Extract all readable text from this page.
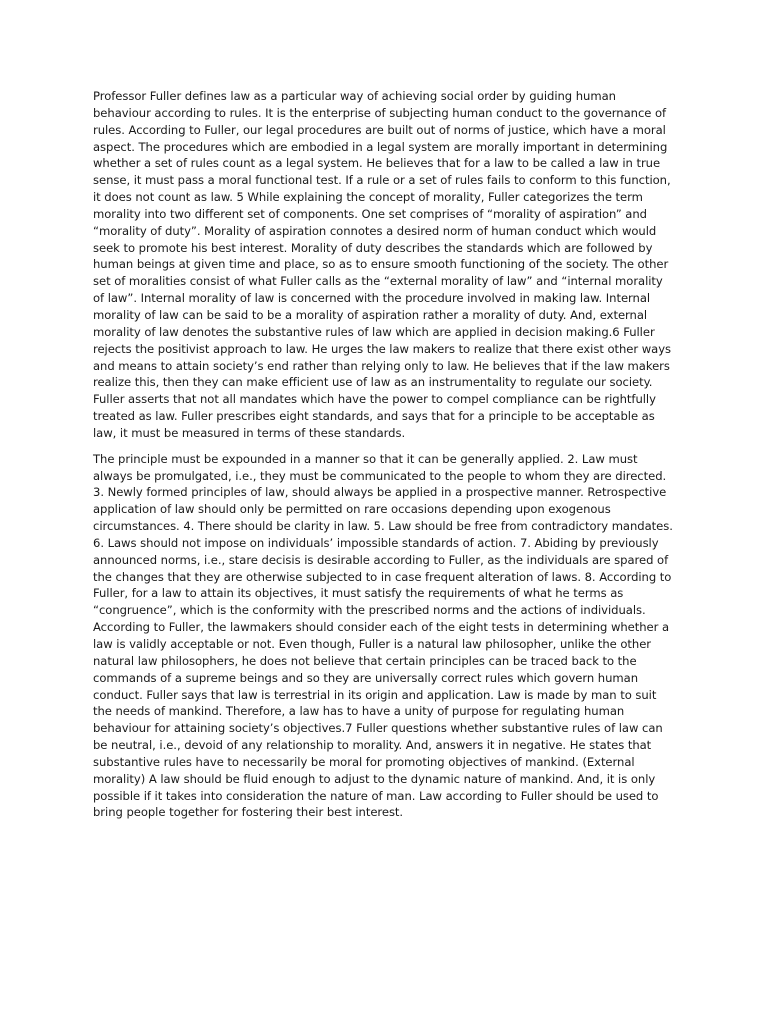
Professor Fuller defines law as a particular way of achieving social order by guiding human behaviour according to rules. It is the enterprise of subjecting human conduct to the governance of rules. According to Fuller, our legal procedures are built out of norms of justice, which have a moral aspect. The procedures which are embodied in a legal system are morally important in determining whether a set of rules count as a legal system. He believes that for a law to be called a law in true sense, it must pass a moral functional test. If a rule or a set of rules fails to conform to this function, it does not count as law. 5 While explaining the concept of morality, Fuller categorizes the term morality into two different set of components. One set comprises of “morality of aspiration” and “morality of duty”. Morality of aspiration connotes a desired norm of human conduct which would seek to promote his best interest. Morality of duty describes the standards which are followed by human beings at given time and place, so as to ensure smooth functioning of the society. The other set of moralities consist of what Fuller calls as the “external morality of law” and “internal morality of law”. Internal morality of law is concerned with the procedure involved in making law. Internal morality of law can be said to be a morality of aspiration rather a morality of duty. And, external morality of law denotes the substantive rules of law which are applied in decision making.6 Fuller rejects the positivist approach to law. He urges the law makers to realize that there exist other ways and means to attain society’s end rather than relying only to law. He believes that if the law makers realize this, then they can make efficient use of law as an instrumentality to regulate our society. Fuller asserts that not all mandates which have the power to compel compliance can be rightfully treated as law. Fuller prescribes eight standards, and says that for a principle to be acceptable as law, it must be measured in terms of these standards.

The principle must be expounded in a manner so that it can be generally applied. 2. Law must always be promulgated, i.e., they must be communicated to the people to whom they are directed. 3. Newly formed principles of law, should always be applied in a prospective manner. Retrospective application of law should only be permitted on rare occasions depending upon exogenous circumstances. 4. There should be clarity in law. 5. Law should be free from contradictory mandates. 6. Laws should not impose on individuals’ impossible standards of action. 7. Abiding by previously announced norms, i.e., stare decisis is desirable according to Fuller, as the individuals are spared of the changes that they are otherwise subjected to in case frequent alteration of laws. 8. According to Fuller, for a law to attain its objectives, it must satisfy the requirements of what he terms as “congruence”, which is the conformity with the prescribed norms and the actions of individuals. According to Fuller, the lawmakers should consider each of the eight tests in determining whether a law is validly acceptable or not. Even though, Fuller is a natural law philosopher, unlike the other natural law philosophers, he does not believe that certain principles can be traced back to the commands of a supreme beings and so they are universally correct rules which govern human conduct. Fuller says that law is terrestrial in its origin and application. Law is made by man to suit the needs of mankind. Therefore, a law has to have a unity of purpose for regulating human behaviour for attaining society’s objectives.7 Fuller questions whether substantive rules of law can be neutral, i.e., devoid of any relationship to morality. And, answers it in negative. He states that substantive rules have to necessarily be moral for promoting objectives of mankind. (External morality) A law should be fluid enough to adjust to the dynamic nature of mankind. And, it is only possible if it takes into consideration the nature of man. Law according to Fuller should be used to bring people together for fostering their best interest.
